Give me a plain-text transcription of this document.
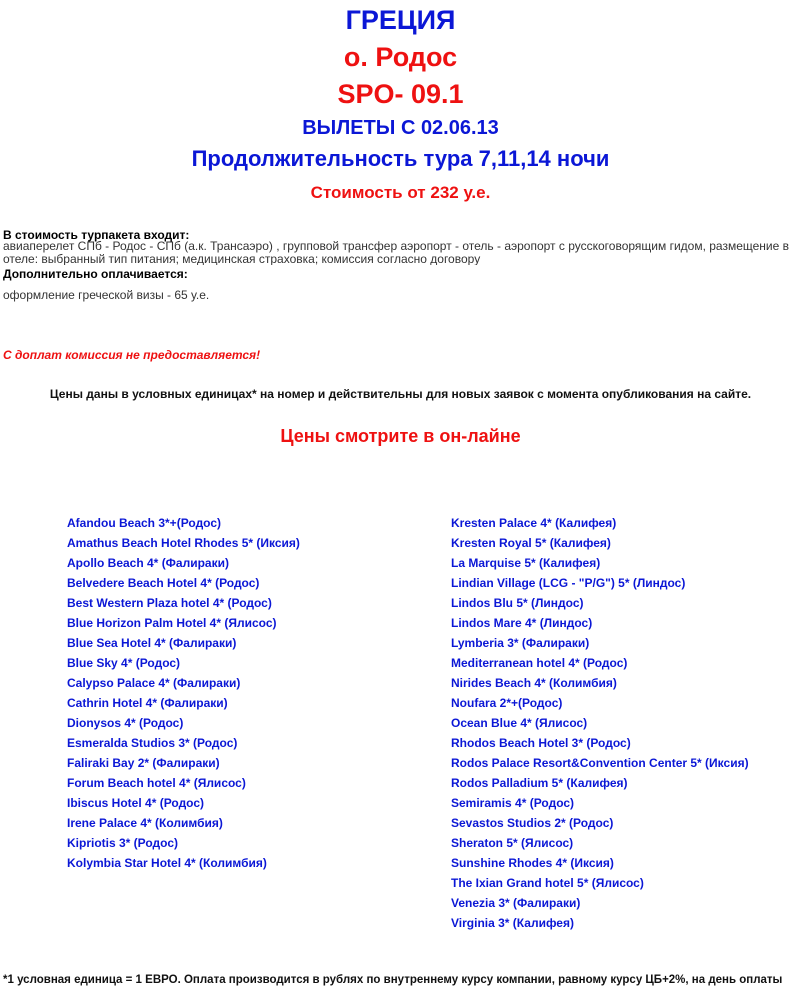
ГРЕЦИЯ
о. Родос
SPO- 09.1
ВЫЛЕТЫ С 02.06.13
Продолжительность тура 7,11,14 ночи
Стоимость от 232 у.е.
В стоимость турпакета входит:
авиаперелет СПб - Родос - СПб (а.к. Трансаэро) , групповой трансфер аэропорт - отель - аэропорт с русскоговорящим гидом, размещение в отеле: выбранный тип питания; медицинская страховка; комиссия согласно договору
Дополнительно оплачивается:
оформление греческой визы - 65 у.е.
С доплат комиссия не предоставляется!
Цены даны в условных единицах* на номер и действительны для новых заявок с момента опубликования на сайте.
Цены смотрите в он-лайне
Afandou Beach 3*+(Родос)
Amathus Beach Hotel Rhodes 5* (Иксия)
Apollo Beach 4* (Фалираки)
Belvedere Beach Hotel 4* (Родос)
Best Western Plaza hotel 4* (Родос)
Blue Horizon Palm Hotel 4* (Ялисос)
Blue Sea Hotel 4* (Фалираки)
Blue Sky 4* (Родос)
Calypso Palace 4* (Фалираки)
Cathrin Hotel 4* (Фалираки)
Dionysos 4* (Родос)
Esmeralda Studios 3* (Родос)
Faliraki Bay 2* (Фалираки)
Forum Beach hotel 4* (Ялисос)
Ibiscus Hotel 4* (Родос)
Irene Palace 4* (Колимбия)
Kipriotis 3* (Родос)
Kolymbia Star Hotel 4* (Колимбия)
Kresten Palace 4* (Калифея)
Kresten Royal 5* (Калифея)
La Marquise 5* (Калифея)
Lindian Village (LCG - "P/G") 5* (Линдос)
Lindos Blu 5* (Линдос)
Lindos Mare 4* (Линдос)
Lymberia 3* (Фалираки)
Mediterranean hotel 4* (Родос)
Nirides Beach 4* (Колимбия)
Noufara 2*+(Родос)
Ocean Blue 4* (Ялисос)
Rhodos Beach Hotel 3* (Родос)
Rodos Palace Resort&Convention Center 5* (Иксия)
Rodos Palladium 5* (Калифея)
Semiramis 4* (Родос)
Sevastos Studios 2* (Родос)
Sheraton 5* (Ялисос)
Sunshine Rhodes 4* (Иксия)
The Ixian Grand hotel 5* (Ялисос)
Venezia 3* (Фалираки)
Virginia 3* (Калифея)
*1 условная единица = 1 ЕВРО. Оплата производится в рублях по внутреннему курсу компании, равному курсу ЦБ+2%, на день оплаты
